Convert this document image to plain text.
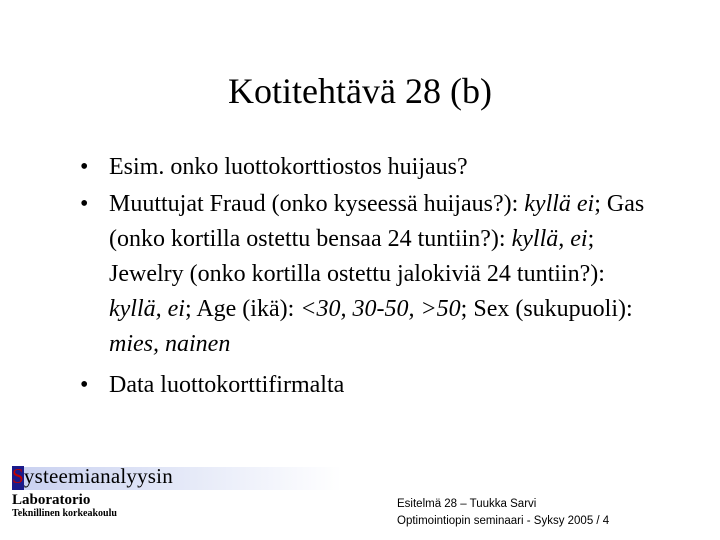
Kotitehtävä 28 (b)
• Esim. onko luottokorttiostos huijaus?
• Muuttujat Fraud (onko kyseessä huijaus?): kyllä ei; Gas (onko kortilla ostettu bensaa 24 tuntiin?): kyllä, ei; Jewelry (onko kortilla ostettu jalokiviä 24 tuntiin?): kyllä, ei; Age (ikä): <30, 30-50, >50; Sex (sukupuoli): mies, nainen
• Data luottokorttifirmalta
Systeemianalyysin
Laboratorio
Teknillinen korkeakoulu
Esitelmä 28 – Tuukka Sarvi
Optimointiopin seminaari - Syksy 2005 / 4
